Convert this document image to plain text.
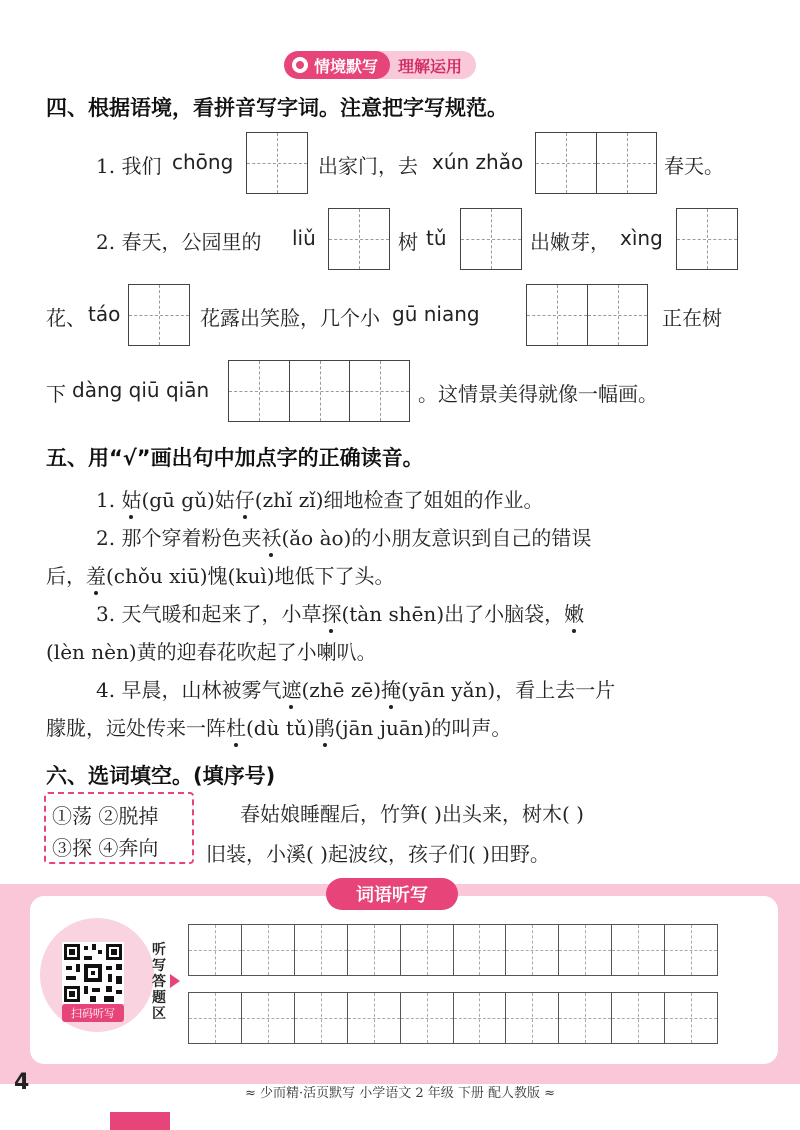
情境默写	理解运用
四、根据语境，看拼音写字词。注意把字写规范。
1. 我们 chōng	出家门，去 xún zhǎo	春天。
2. 春天，公园里的 liǔ	树 tǔ	出嫩芽， xìng
花、 táo	花露出笑脸，几个小 gū niang	正在树
下 dàng qiū qiān	。这情景美得就像一幅画。
五、用“√”画出句中加点字的正确读音。
1. 姑(gū gǔ)姑仔(zhǐ zǐ)细地检查了姐姐的作业。
2. 那个穿着粉色夹袄(ǎo ào)的小朋友意识到自己的错误
后，羞(chǒu xiū)愧(kuì)地低下了头。
3. 天气暖和起来了，小草探(tàn shēn)出了小脑袋，嫩
(lèn nèn)黄的迎春花吹起了小喇叭。
4. 早晨，山林被雾气遮(zhē zē)掩(yān yǎn)，看上去一片
朦胧，远处传来一阵杜(dù tǔ)鹃(jān juān)的叫声。
六、选词填空。(填序号)
①荡 ②脱掉
③探 ④奔向
春姑娘睡醒后，竹笋( )出头来，树木( )
旧装，小溪( )起波纹，孩子们( )田野。
词语听写
扫码听写
听写答题区
4	≈ 少而精·活页默写 小学语文 2 年级 下册 配人教版 ≈
